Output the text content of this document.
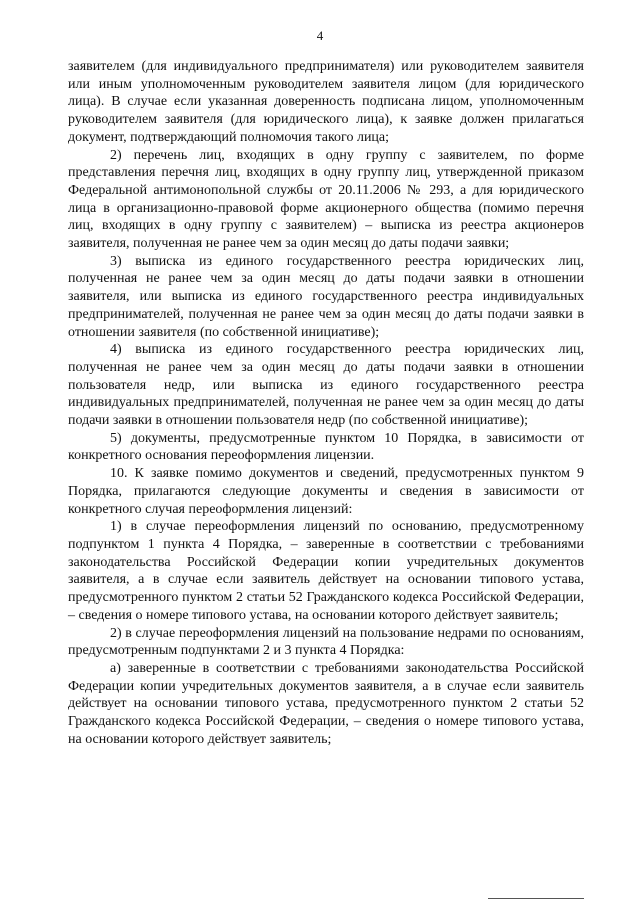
4

заявителем (для индивидуального предпринимателя) или руководителем заявителя или иным уполномоченным руководителем заявителя лицом (для юридического лица). В случае если указанная доверенность подписана лицом, уполномоченным руководителем заявителя (для юридического лица), к заявке должен прилагаться документ, подтверждающий полномочия такого лица;

2) перечень лиц, входящих в одну группу с заявителем, по форме представления перечня лиц, входящих в одну группу лиц, утвержденной приказом Федеральной антимонопольной службы от 20.11.2006 № 293, а для юридического лица в организационно-правовой форме акционерного общества (помимо перечня лиц, входящих в одну группу с заявителем) – выписка из реестра акционеров заявителя, полученная не ранее чем за один месяц до даты подачи заявки;

3) выписка из единого государственного реестра юридических лиц, полученная не ранее чем за один месяц до даты подачи заявки в отношении заявителя, или выписка из единого государственного реестра индивидуальных предпринимателей, полученная не ранее чем за один месяц до даты подачи заявки в отношении заявителя (по собственной инициативе);

4) выписка из единого государственного реестра юридических лиц, полученная не ранее чем за один месяц до даты подачи заявки в отношении пользователя недр, или выписка из единого государственного реестра индивидуальных предпринимателей, полученная не ранее чем за один месяц до даты подачи заявки в отношении пользователя недр (по собственной инициативе);

5) документы, предусмотренные пунктом 10 Порядка, в зависимости от конкретного основания переоформления лицензии.

10. К заявке помимо документов и сведений, предусмотренных пунктом 9 Порядка, прилагаются следующие документы и сведения в зависимости от конкретного случая переоформления лицензий:

1) в случае переоформления лицензий по основанию, предусмотренному подпунктом 1 пункта 4 Порядка, – заверенные в соответствии с требованиями законодательства Российской Федерации копии учредительных документов заявителя, а в случае если заявитель действует на основании типового устава, предусмотренного пунктом 2 статьи 52 Гражданского кодекса Российской Федерации, – сведения о номере типового устава, на основании которого действует заявитель;

2) в случае переоформления лицензий на пользование недрами по основаниям, предусмотренным подпунктами 2 и 3 пункта 4 Порядка:

а) заверенные в соответствии с требованиями законодательства Российской Федерации копии учредительных документов заявителя, а в случае если заявитель действует на основании типового устава, предусмотренного пунктом 2 статьи 52 Гражданского кодекса Российской Федерации, – сведения о номере типового устава, на основании которого действует заявитель;
